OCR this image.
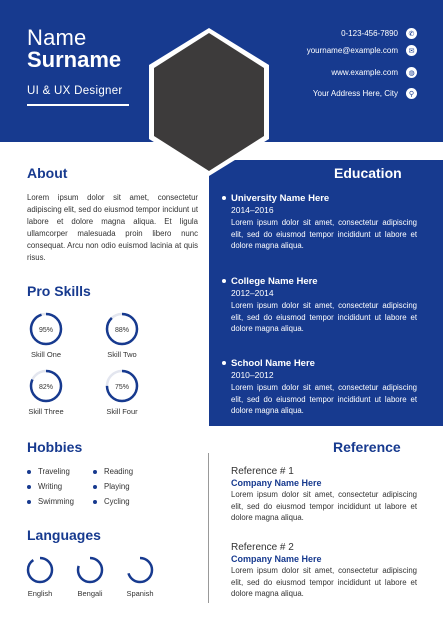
Name
Surname
UI & UX Designer
0-123-456-7890	✆
yourname@example.com	✉
www.example.com	◍
Your Address Here, City	⚲
About
Lorem ipsum dolor sit amet, consectetur adipiscing elit, sed do eiusmod tempor incidunt ut labore et dolore magna aliqua. Et ligula ullamcorper malesuada proin libero nunc consequat. Arcu non odio euismod lacinia at quis risus.
Pro Skills
95%
Skill One
88%
Skill Two
82%
Skill Three
75%
Skill Four
Education
University Name Here
2014–2016
Lorem ipsum dolor sit amet, consectetur adipiscing elit, sed do eiusmod tempor incididunt ut labore et dolore magna aliqua.
College Name Here
2012–2014
Lorem ipsum dolor sit amet, consectetur adipiscing elit, sed do eiusmod tempor incididunt ut labore et dolore magna aliqua.
School Name Here
2010–2012
Lorem ipsum dolor sit amet, consectetur adipiscing elit, sed do eiusmod tempor incididunt ut labore et dolore magna aliqua.
Hobbies
Traveling	Reading
Writing	Playing
Swimming	Cycling
Languages
English	Bengali	Spanish
Reference
Reference # 1
Company Name Here
Lorem ipsum dolor sit amet, consectetur adipiscing elit, sed do eiusmod tempor incididunt ut labore et dolore magna aliqua.
Reference # 2
Company Name Here
Lorem ipsum dolor sit amet, consectetur adipiscing elit, sed do eiusmod tempor incididunt ut labore et dolore magna aliqua.
